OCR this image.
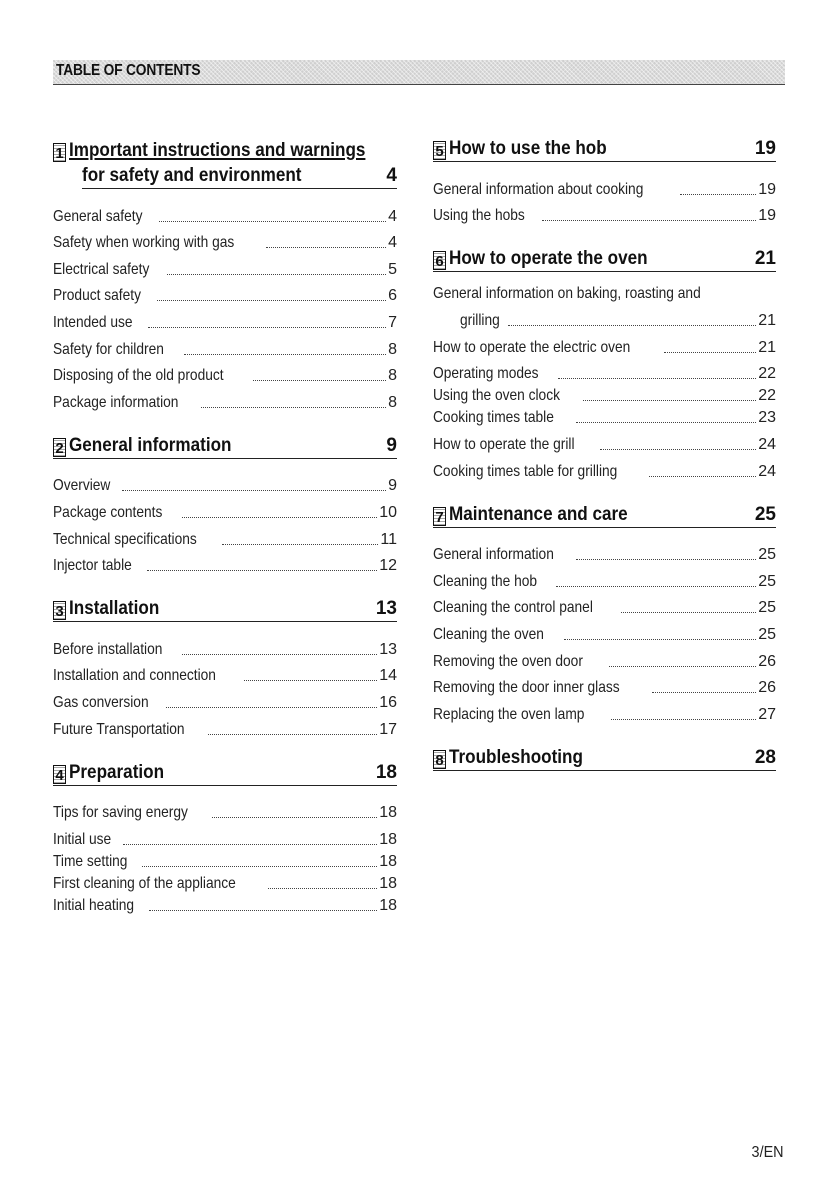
TABLE OF CONTENTS
1 Important instructions and warnings
for safety and environment	4
General safety	4
Safety when working with gas	4
Electrical safety	5
Product safety	6
Intended use	7
Safety for children	8
Disposing of the old product	8
Package information	8
2 General information	9
Overview	9
Package contents	10
Technical specifications	11
Injector table	12
3 Installation	13
Before installation	13
Installation and connection	14
Gas conversion	16
Future Transportation	17
4 Preparation	18
Tips for saving energy	18
Initial use	18
Time setting	18
First cleaning of the appliance	18
Initial heating	18
5 How to use the hob	19
General information about cooking	19
Using the hobs	19
6 How to operate the oven	21
General information on baking, roasting and
grilling	21
How to operate the electric oven	21
Operating modes	22
Using the oven clock	22
Cooking times table	23
How to operate the grill	24
Cooking times table for grilling	24
7 Maintenance and care	25
General information	25
Cleaning the hob	25
Cleaning the control panel	25
Cleaning the oven	25
Removing the oven door	26
Removing the door inner glass	26
Replacing the oven lamp	27
8 Troubleshooting	28
3/EN
